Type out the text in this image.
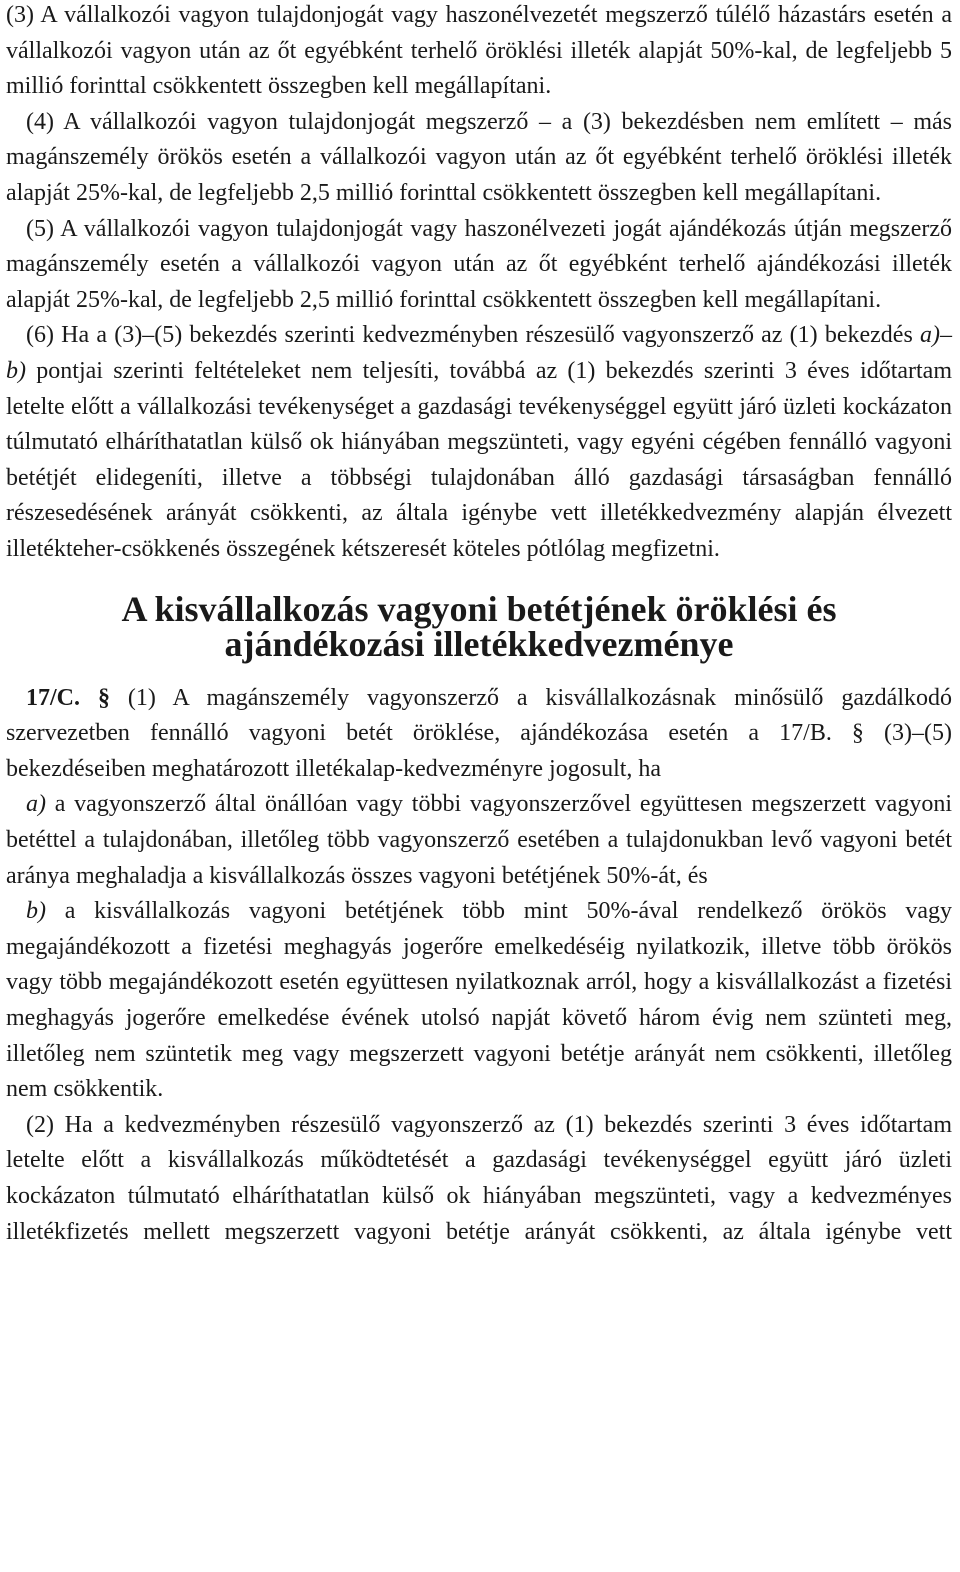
(3) A vállalkozói vagyon tulajdonjogát vagy haszonélvezetét megszerző túlélő házastárs esetén a vállalkozói vagyon után az őt egyébként terhelő öröklési illeték alapját 50%-kal, de legfeljebb 5 millió forinttal csökkentett összegben kell megállapítani.

(4) A vállalkozói vagyon tulajdonjogát megszerző – a (3) bekezdésben nem említett – más magánszemély örökös esetén a vállalkozói vagyon után az őt egyébként terhelő öröklési illeték alapját 25%-kal, de legfeljebb 2,5 millió forinttal csökkentett összegben kell megállapítani.

(5) A vállalkozói vagyon tulajdonjogát vagy haszonélvezeti jogát ajándékozás útján megszerző magánszemély esetén a vállalkozói vagyon után az őt egyébként terhelő ajándékozási illeték alapját 25%-kal, de legfeljebb 2,5 millió forinttal csökkentett összegben kell megállapítani.

(6) Ha a (3)–(5) bekezdés szerinti kedvezményben részesülő vagyonszerző az (1) bekezdés a)–b) pontjai szerinti feltételeket nem teljesíti, továbbá az (1) bekezdés szerinti 3 éves időtartam letelte előtt a vállalkozási tevékenységet a gazdasági tevékenységgel együtt járó üzleti kockázaton túlmutató elháríthatatlan külső ok hiányában megszünteti, vagy egyéni cégében fennálló vagyoni betétjét elidegeníti, illetve a többségi tulajdonában álló gazdasági társaságban fennálló részesedésének arányát csökkenti, az általa igénybe vett illetékkedvezmény alapján élvezett illetékteher-csökkenés összegének kétszeresét köteles pótlólag megfizetni.

A kisvállalkozás vagyoni betétjének öröklési és ajándékozási illetékkedvezménye

17/C. § (1) A magánszemély vagyonszerző a kisvállalkozásnak minősülő gazdálkodó szervezetben fennálló vagyoni betét öröklése, ajándékozása esetén a 17/B. § (3)–(5) bekezdéseiben meghatározott illetékalap-kedvezményre jogosult, ha

a) a vagyonszerző által önállóan vagy többi vagyonszerzővel együttesen megszerzett vagyoni betéttel a tulajdonában, illetőleg több vagyonszerző esetében a tulajdonukban levő vagyoni betét aránya meghaladja a kisvállalkozás összes vagyoni betétjének 50%-át, és

b) a kisvállalkozás vagyoni betétjének több mint 50%-ával rendelkező örökös vagy megajándékozott a fizetési meghagyás jogerőre emelkedéséig nyilatkozik, illetve több örökös vagy több megajándékozott esetén együttesen nyilatkoznak arról, hogy a kisvállalkozást a fizetési meghagyás jogerőre emelkedése évének utolsó napját követő három évig nem szünteti meg, illetőleg nem szüntetik meg vagy megszerzett vagyoni betétje arányát nem csökkenti, illetőleg nem csökkentik.

(2) Ha a kedvezményben részesülő vagyonszerző az (1) bekezdés szerinti 3 éves időtartam letelte előtt a kisvállalkozás működtetését a gazdasági tevékenységgel együtt járó üzleti kockázaton túlmutató elháríthatatlan külső ok hiányában megszünteti, vagy a kedvezményes illetékfizetés mellett megszerzett vagyoni betétje arányát csökkenti, az általa igénybe vett
